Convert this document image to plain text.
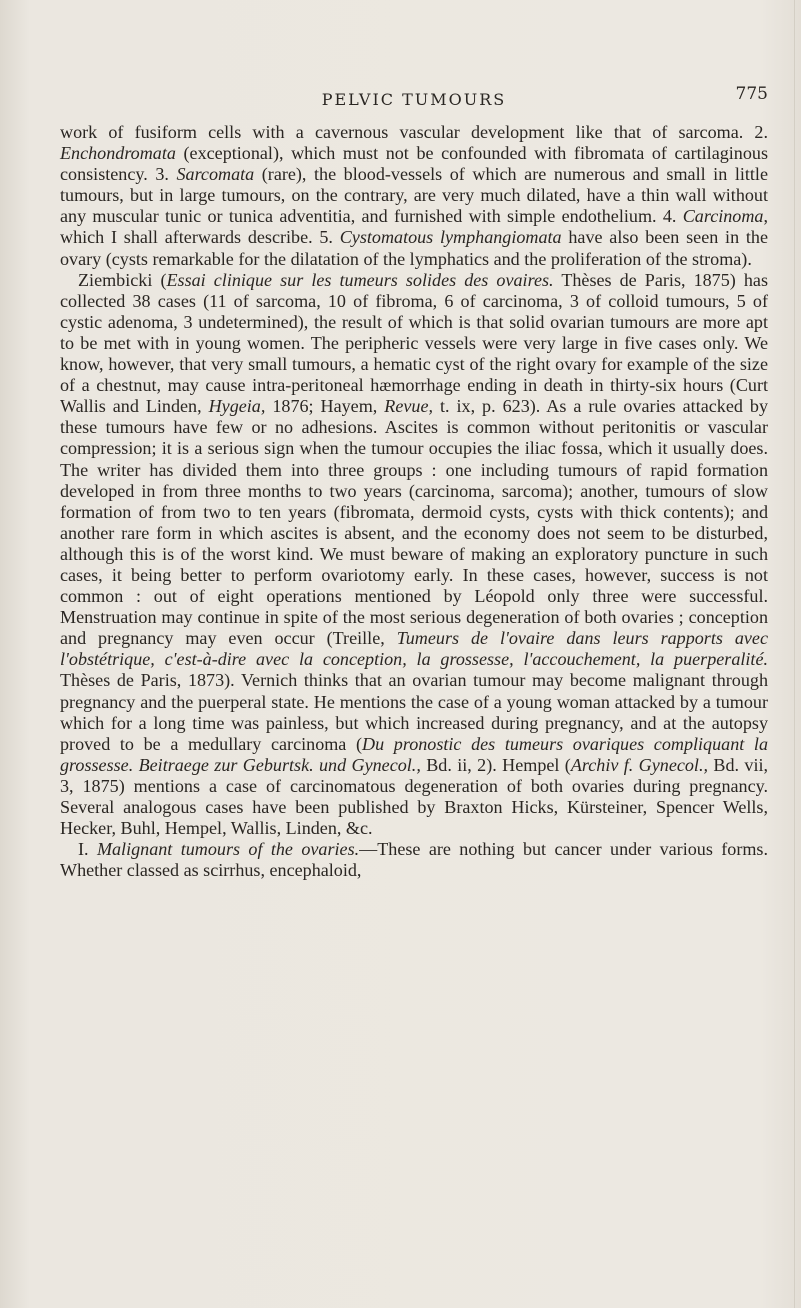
PELVIC TUMOURS	775

work of fusiform cells with a cavernous vascular development like that of sarcoma. 2. Enchondromata (exceptional), which must not be confounded with fibromata of cartilaginous consistency. 3. Sarcomata (rare), the blood-vessels of which are numerous and small in little tumours, but in large tumours, on the contrary, are very much dilated, have a thin wall without any muscular tunic or tunica adventitia, and furnished with simple endothelium. 4. Carcinoma, which I shall afterwards describe. 5. Cystomatous lymphangiomata have also been seen in the ovary (cysts remarkable for the dilatation of the lymphatics and the proliferation of the stroma).

Ziembicki (Essai clinique sur les tumeurs solides des ovaires. Thèses de Paris, 1875) has collected 38 cases (11 of sarcoma, 10 of fibroma, 6 of carcinoma, 3 of colloid tumours, 5 of cystic adenoma, 3 undetermined), the result of which is that solid ovarian tumours are more apt to be met with in young women. The peripheric vessels were very large in five cases only. We know, however, that very small tumours, a hematic cyst of the right ovary for example of the size of a chestnut, may cause intra-peritoneal hæmorrhage ending in death in thirty-six hours (Curt Wallis and Linden, Hygeia, 1876; Hayem, Revue, t. ix, p. 623). As a rule ovaries attacked by these tumours have few or no adhesions. Ascites is common without peritonitis or vascular compression; it is a serious sign when the tumour occupies the iliac fossa, which it usually does. The writer has divided them into three groups : one including tumours of rapid formation developed in from three months to two years (carcinoma, sarcoma); another, tumours of slow formation of from two to ten years (fibromata, dermoid cysts, cysts with thick contents); and another rare form in which ascites is absent, and the economy does not seem to be disturbed, although this is of the worst kind. We must beware of making an exploratory puncture in such cases, it being better to perform ovariotomy early. In these cases, however, success is not common : out of eight operations mentioned by Léopold only three were successful. Menstruation may continue in spite of the most serious degeneration of both ovaries ; conception and pregnancy may even occur (Treille, Tumeurs de l'ovaire dans leurs rapports avec l'obstétrique, c'est-à-dire avec la conception, la grossesse, l'accouchement, la puerperalité. Thèses de Paris, 1873). Vernich thinks that an ovarian tumour may become malignant through pregnancy and the puerperal state. He mentions the case of a young woman attacked by a tumour which for a long time was painless, but which increased during pregnancy, and at the autopsy proved to be a medullary carcinoma (Du pronostic des tumeurs ovariques compliquant la grossesse. Beitraege zur Geburtsk. und Gynecol., Bd. ii, 2). Hempel (Archiv f. Gynecol., Bd. vii, 3, 1875) mentions a case of carcinomatous degeneration of both ovaries during pregnancy. Several analogous cases have been published by Braxton Hicks, Kürsteiner, Spencer Wells, Hecker, Buhl, Hempel, Wallis, Linden, &c.

I. Malignant tumours of the ovaries.—These are nothing but cancer under various forms. Whether classed as scirrhus, encephaloid,
